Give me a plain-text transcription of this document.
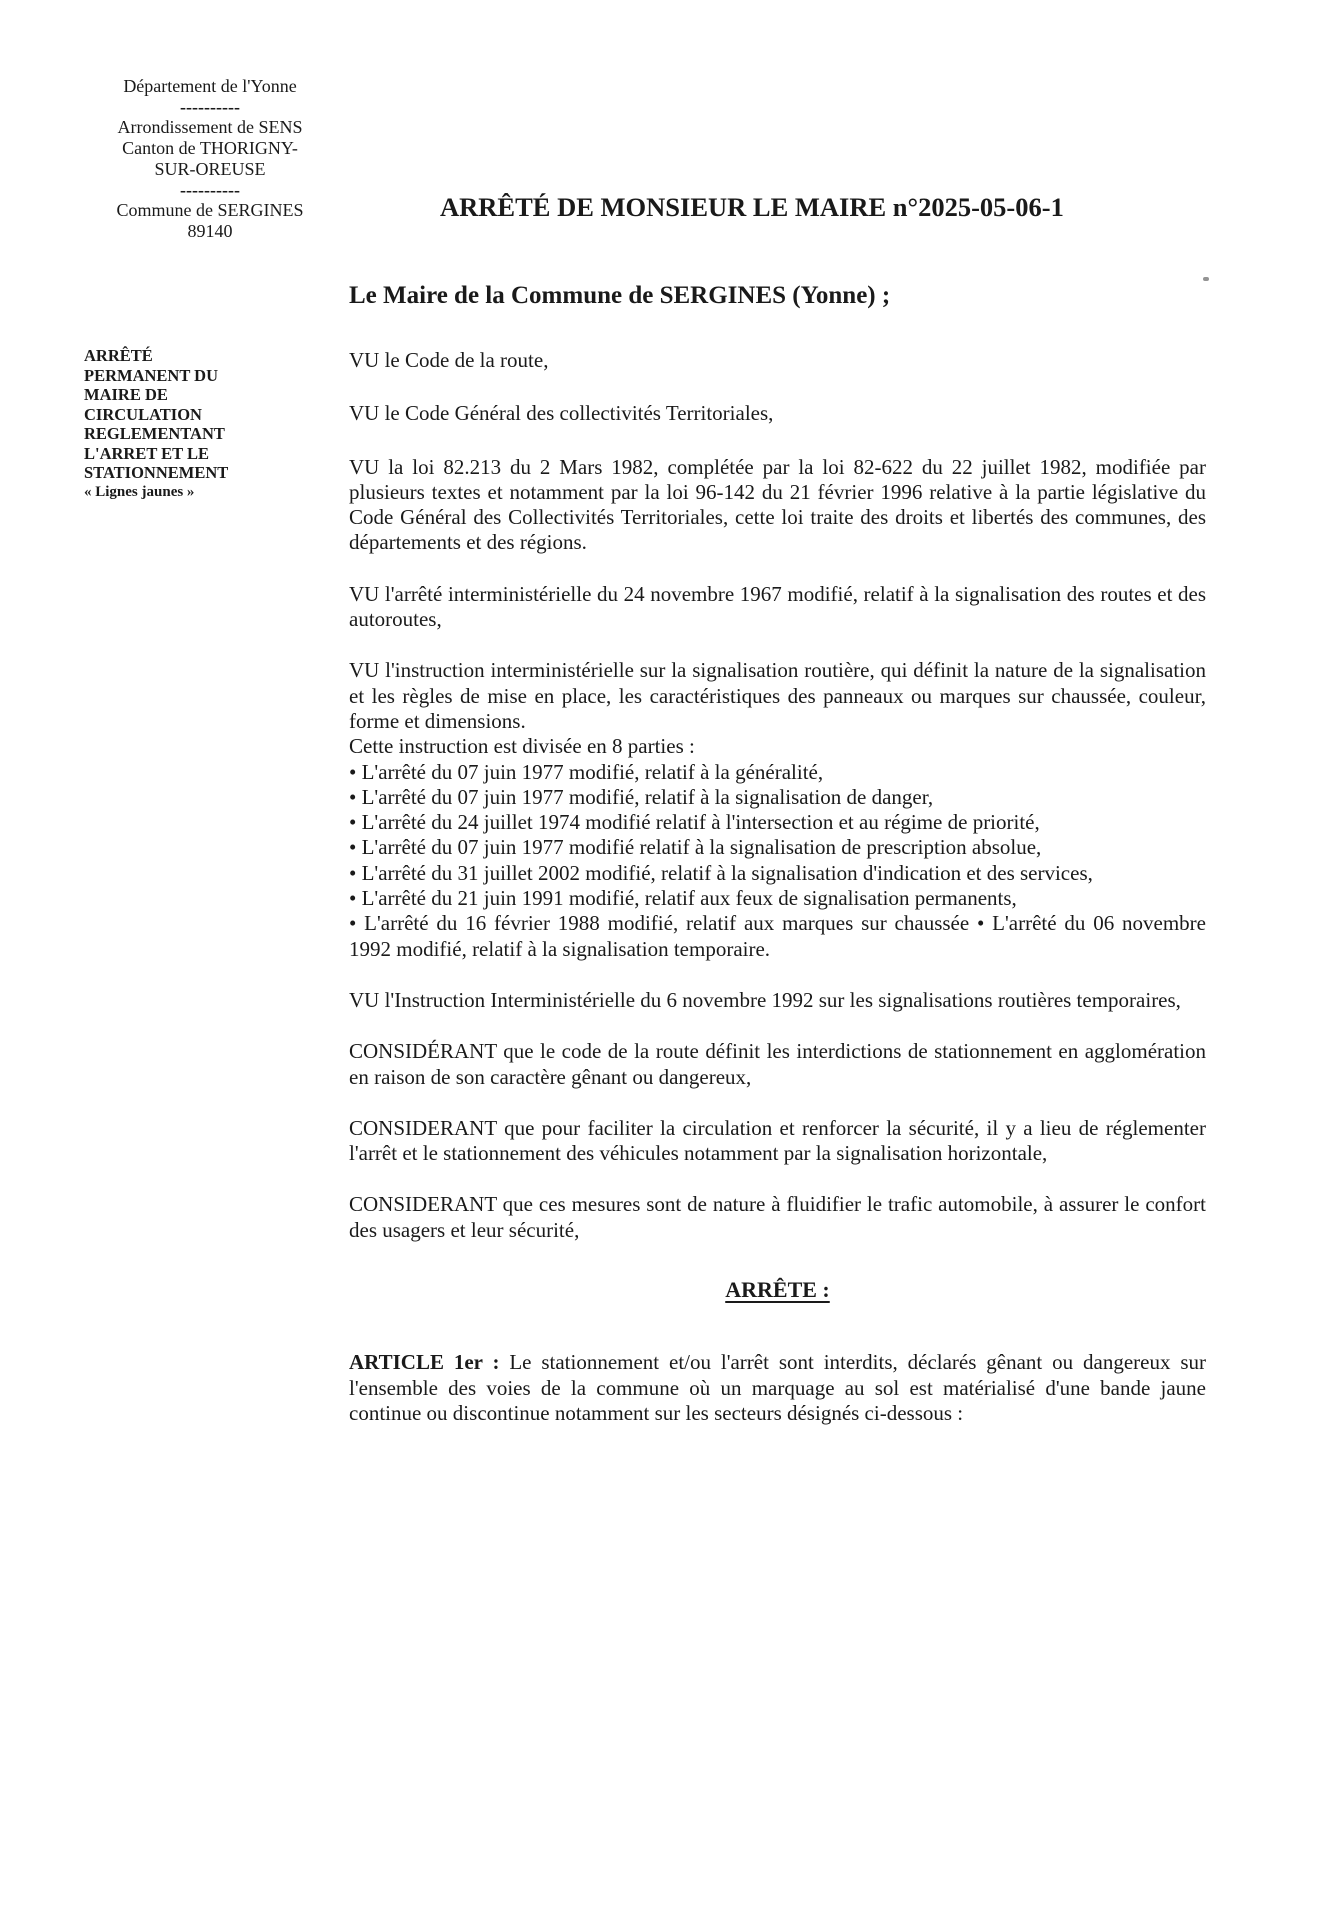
Département de l'Yonne
----------
Arrondissement de SENS
Canton de THORIGNY-
SUR-OREUSE
----------
Commune de SERGINES
89140
ARRÊTÉ
PERMANENT DU
MAIRE DE
CIRCULATION
REGLEMENTANT
L'ARRET ET LE
STATIONNEMENT
« Lignes jaunes »
ARRÊTÉ DE MONSIEUR LE MAIRE n°2025-05-06-1
Le Maire de la Commune de SERGINES (Yonne) ;

VU le Code de la route,

VU le Code Général des collectivités Territoriales,

VU la loi 82.213 du 2 Mars 1982, complétée par la loi 82-622 du 22 juillet 1982, modifiée par plusieurs textes et notamment par la loi 96-142 du 21 février 1996 relative à la partie législative du Code Général des Collectivités Territoriales, cette loi traite des droits et libertés des communes, des départements et des régions.

VU l'arrêté interministérielle du 24 novembre 1967 modifié, relatif à la signalisation des routes et des autoroutes,

VU l'instruction interministérielle sur la signalisation routière, qui définit la nature de la signalisation et les règles de mise en place, les caractéristiques des panneaux ou marques sur chaussée, couleur, forme et dimensions.

Cette instruction est divisée en 8 parties :

• L'arrêté du 07 juin 1977 modifié, relatif à la généralité,

• L'arrêté du 07 juin 1977 modifié, relatif à la signalisation de danger,

• L'arrêté du 24 juillet 1974 modifié relatif à l'intersection et au régime de priorité,

• L'arrêté du 07 juin 1977 modifié relatif à la signalisation de prescription absolue,

• L'arrêté du 31 juillet 2002 modifié, relatif à la signalisation d'indication et des services,

• L'arrêté du 21 juin 1991 modifié, relatif aux feux de signalisation permanents,

• L'arrêté du 16 février 1988 modifié, relatif aux marques sur chaussée • L'arrêté du 06 novembre 1992 modifié, relatif à la signalisation temporaire.

VU l'Instruction Interministérielle du 6 novembre 1992 sur les signalisations routières temporaires,

CONSIDÉRANT que le code de la route définit les interdictions de stationnement en agglomération en raison de son caractère gênant ou dangereux,

CONSIDERANT que pour faciliter la circulation et renforcer la sécurité, il y a lieu de réglementer l'arrêt et le stationnement des véhicules notamment par la signalisation horizontale,

CONSIDERANT que ces mesures sont de nature à fluidifier le trafic automobile, à assurer le confort des usagers et leur sécurité,

ARRÊTE :

ARTICLE 1er : Le stationnement et/ou l'arrêt sont interdits, déclarés gênant ou dangereux sur l'ensemble des voies de la commune où un marquage au sol est matérialisé d'une bande jaune continue ou discontinue notamment sur les secteurs désignés ci-dessous :
